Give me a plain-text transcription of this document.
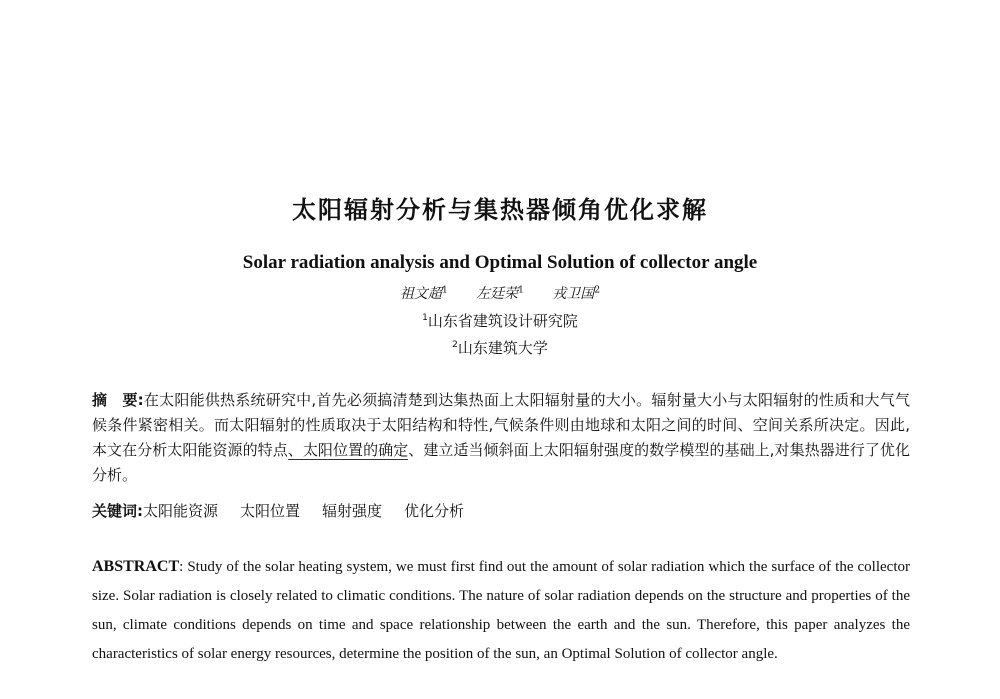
太阳辐射分析与集热器倾角优化求解
Solar radiation analysis and Optimal Solution of collector angle
祖文超$^1$ 左廷荣$^1$ 戎卫国$^2$
$^1$山东省建筑设计研究院
$^2$山东建筑大学
摘　要:在太阳能供热系统研究中,首先必须搞清楚到达集热面上太阳辐射量的大小。辐射量大小与太阳辐射的性质和大气气候条件紧密相关。而太阳辐射的性质取决于太阳结构和特性,气候条件则由地球和太阳之间的时间、空间关系所决定。因此,本文在分析太阳能资源的特点、太阳位置的确定、建立适当倾斜面上太阳辐射强度的数学模型的基础上,对集热器进行了优化分析。
关键词:太阳能资源 太阳位置 辐射强度 优化分析
ABSTRACT: Study of the solar heating system, we must first find out the amount of solar radiation which the surface of the collector size. Solar radiation is closely related to climatic conditions. The nature of solar radiation depends on the structure and properties of the sun, climate conditions depends on time and space relationship between the earth and the sun. Therefore, this paper analyzes the characteristics of solar energy resources, determine the position of the sun, an Optimal Solution of collector angle.
